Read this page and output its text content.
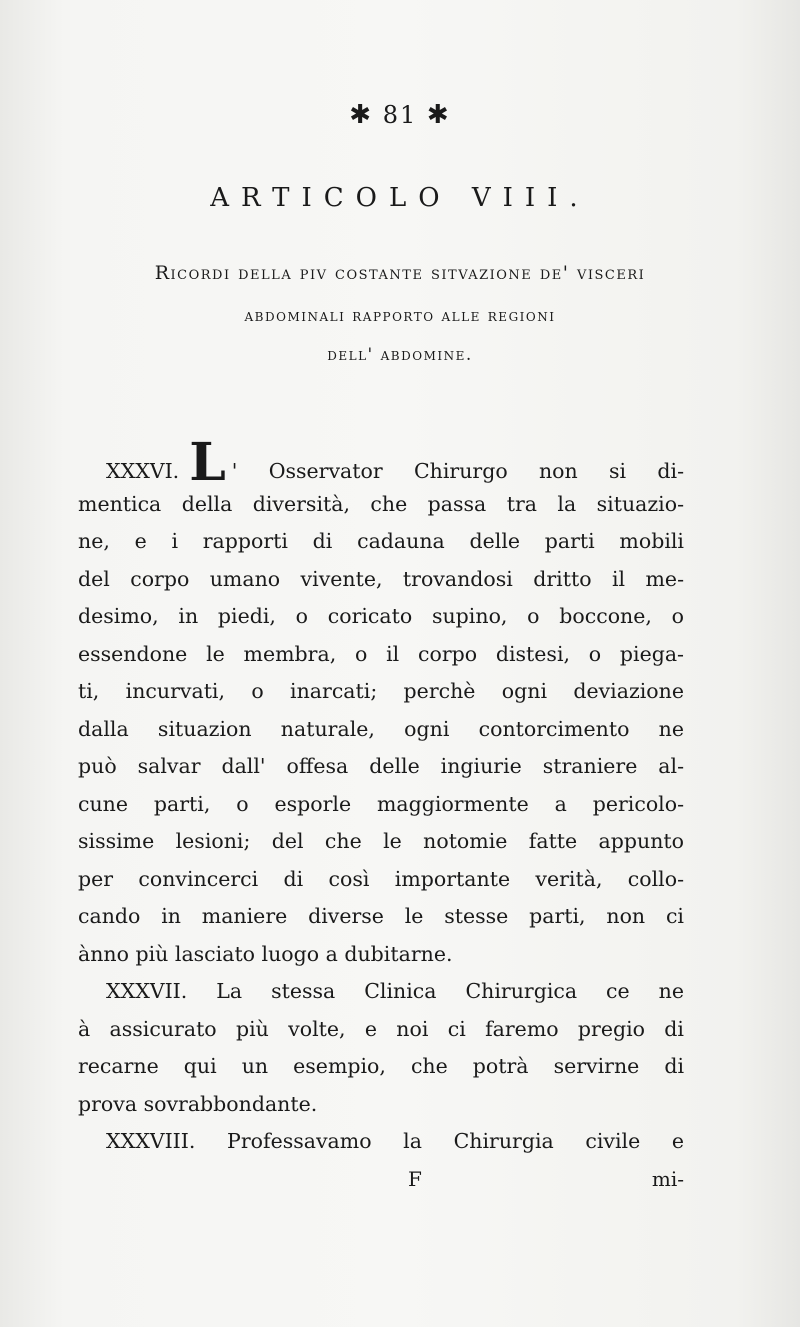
✱ 81 ✱
ARTICOLO VIII.
Ricordi della piv costante sitvazione de' visceri
abdominali rapporto alle regioni
dell' abdomine.
XXXVI. L ' Osservator Chirurgo non si di-
mentica della diversità, che passa tra la situazio-
ne, e i rapporti di cadauna delle parti mobili
del corpo umano vivente, trovandosi dritto il me-
desimo, in piedi, o coricato supino, o boccone, o
essendone le membra, o il corpo distesi, o piega-
ti, incurvati, o inarcati; perchè ogni deviazione
dalla situazion naturale, ogni contorcimento ne
può salvar dall' offesa delle ingiurie straniere al-
cune parti, o esporle maggiormente a pericolo-
sissime lesioni; del che le notomie fatte appunto
per convincerci di così importante verità, collo-
cando in maniere diverse le stesse parti, non ci
ànno più lasciato luogo a dubitarne.
XXXVII. La stessa Clinica Chirurgica ce ne
à assicurato più volte, e noi ci faremo pregio di
recarne qui un esempio, che potrà servirne di
prova sovrabbondante.
XXXVIII. Professavamo la Chirurgia civile e
F	mi-
